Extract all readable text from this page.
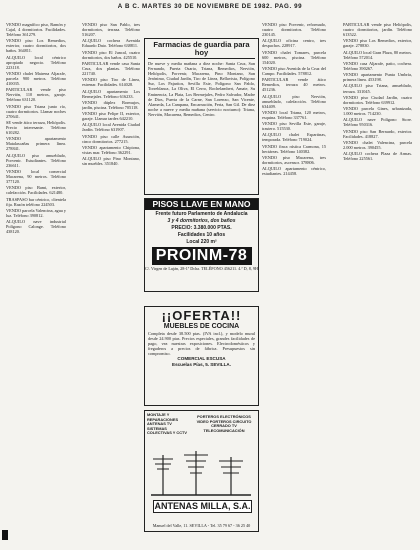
A B C. MARTES 30 DE NOVIEMBRE DE 1982. PAG. 99

VENDO magnífico piso, Ramón y Cajal, 4 dormitorios. Facilidades. Teléfono 361279.

VENDO piso Los Remedios, exterior, cuatro dormitorios, dos baños. 364811.

ALQUILO local céntrico apropiado negocio. Teléfono 223118.

VENDO chalet Mairena Aljarafe, parcela 900 metros. Teléfono 410035.

PARTICULAR vende piso Nervión, 110 metros, garaje. Teléfono 631120.

VENDO piso Triana junto río, cuatro dormitorios. Llamar noches 270641.

SE vende ático terraza, Heliópolis. Precio interesante. Teléfono 610282.

VENDO apartamento Matalascañas primera línea. 278841.

ALQUILO piso amueblado, Porvenir. Estudiantes. Teléfono 236611.

VENDO local comercial Macarena, 90 metros. Teléfono 377120.

VENDO piso Bami, exterior, calefacción. Facilidades. 621480.

TRASPASO bar céntrico, clientela fija. Razón teléfono 224503.

VENDO parcela Valencina, agua y luz. Teléfono 390812.

ALQUILO nave industrial Polígono Calonge. Teléfono 438120.

VENDO piso San Pablo, tres dormitorios, terraza. Teléfono 516207.

ALQUILO cochera Avenida Eduardo Dato. Teléfono 638811.

VENDO piso El Juncal, cuatro dormitorios, dos baños. 425510.

PARTICULAR vende casa Santa Cruz, dos plantas. Teléfono 221740.

VENDO piso Tiro de Línea, estrenar. Facilidades. 614028.

ALQUILO apartamento Los Bermejales. Teléfono 616233.

VENDO dúplex Bormujos, jardín, piscina. Teléfono 705118.

VENDO piso Felipe II, exterior, garaje. Llamar tardes 642210.

ALQUILO local Avenida Ciudad Jardín. Teléfono 631907.

VENDO piso calle Asunción, cinco dormitorios. 277215.

VENDO apartamento Chipiona, vistas mar. Teléfono 362291.

ALQUILO piso Pino Montano, sin muebles. 351840.

VENDO piso Porvenir, reformado, cuatro dormitorios. Teléfono 230145.

ALQUILO oficina centro, tres despachos. 228917.

VENDO chalet Tomares, parcela 600 metros, piscina. Teléfono 154020.

VENDO piso Avenida de la Cruz del Campo. Facilidades. 578812.

PARTICULAR vende ático Remedios, terraza 40 metros. 451236.

ALQUILO piso Nervión, amueblado, calefacción. Teléfono 634409.

VENDO local Triana, 120 metros, esquina. Teléfono 337761.

VENDO piso Sevilla Este, garaje, trastero. 515530.

ALQUILO chalet Espartinas, temporada. Teléfono 719024.

VENDO finca rústica Carmona, 15 hectáreas. Teléfono 140382.

VENDO piso Macarena, tres dormitorios, ascensor. 378806.

ALQUILO apartamento céntrico, estudiantes. 214458.

PARTICULAR vende piso Heliópolis, cuatro dormitorios, jardín. Teléfono 613522.

VENDO piso Los Remedios, exterior, garaje. 278830.

ALQUILO local Gran Plaza, 80 metros. Teléfono 572014.

VENDO casa Aljarafe, patio, cochera. Teléfono 390267.

VENDO apartamento Punta Umbría, primera línea. 453198.

ALQUILO piso Triana, amueblado, terraza. 331045.

VENDO piso Ciudad Jardín, cuatro dormitorios. Teléfono 639912.

VENDO parcela Gines, urbanizada, 1.000 metros. 714230.

ALQUILO nave Polígono Store. Teléfono 950316.

VENDO piso San Bernardo, exterior. Facilidades. 418827.

VENDO chalet Valencina, parcela 2.000 metros. 390455.

ALQUILO cochera Plaza de Armas. Teléfono 225561.

Farmacias de guardia para hoy
De nueve y media mañana a diez noche: Santa Cruz, San Fernando, Puerta Osario, Triana, Remedios, Nervión, Heliópolis, Porvenir, Macarena, Pino Montano, San Jerónimo, Ciudad Jardín, Tiro de Línea, Bellavista, Polígono Sur, Los Pajaritos, Sevilla Este, Polígono San Pablo, Torreblanca, La Oliva, El Cerro, Rochelambert, Amate, Su Eminencia, La Plata, Los Bermejales, Pedro Salvador, Madre de Dios, Puerta de la Carne, San Lorenzo, San Vicente, Alameda, La Campana, Encarnación, Feria, San Gil. De diez noche a nueve y media mañana (servicio nocturno): Triana, Nervión, Macarena, Remedios, Centro.
PISOS LLAVE EN MANO
Frente futuro Parlamento de Andalucía
3 y 4 dormitorios, dos baños
PRECIO: 3.380.000 PTAS.
Facilidades 10 años
Local 220 m²
PROINM-78
C/. Virgen de Luján, 28-1º Dcha. TELÉFONO 456211. 4.ª D, 8, 9H
¡¡OFERTA!!
MUEBLES DE COCINA
Completa desde 38.500 ptas. (IVA incl.), y modelo mural desde 24.900 ptas. Precios especiales, grandes facilidades de pago, vea nuestras exposiciones. Electrodomésticos y fregaderos a precios de fábrica. Presupuestos sin compromiso.
COMERCIAL ESCUSA
Escuelas Pías, 5. SEVILLA.
MONTAJE Y REPARACIONES ANTENAS TV SISTEMAS COLECTIVAS Y CCTV
PORTEROS ELECTRÓNICOS VIDEO PORTEROS CIRCUITO CERRADO TV TELECOMUNICACIÓN
ANTENAS MILLA, S.A.
Manuel del Valle, 11. SEVILLA - Tel. 35 79 67 - 36 25 40
